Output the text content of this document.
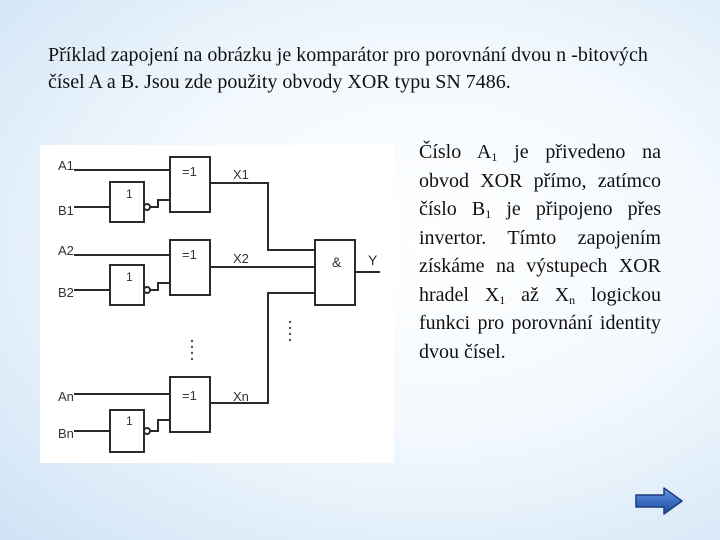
Příklad zapojení na obrázku je komparátor pro porovnání dvou n -bitových čísel A a B. Jsou zde použity obvody XOR typu SN 7486.

Číslo $A_1$ je přivedeno na obvod XOR přímo, zatímco číslo $B_1$ je připojeno přes invertor. Tímto zapojením získáme na výstupech XOR hradel $X_1$ až $X_n$ logickou funkci pro porovnání identity dvou čísel.

A1
B1
A2
B2
An
Bn
=1
=1
=1
1
1
1
X1
X2
Xn
& Y
